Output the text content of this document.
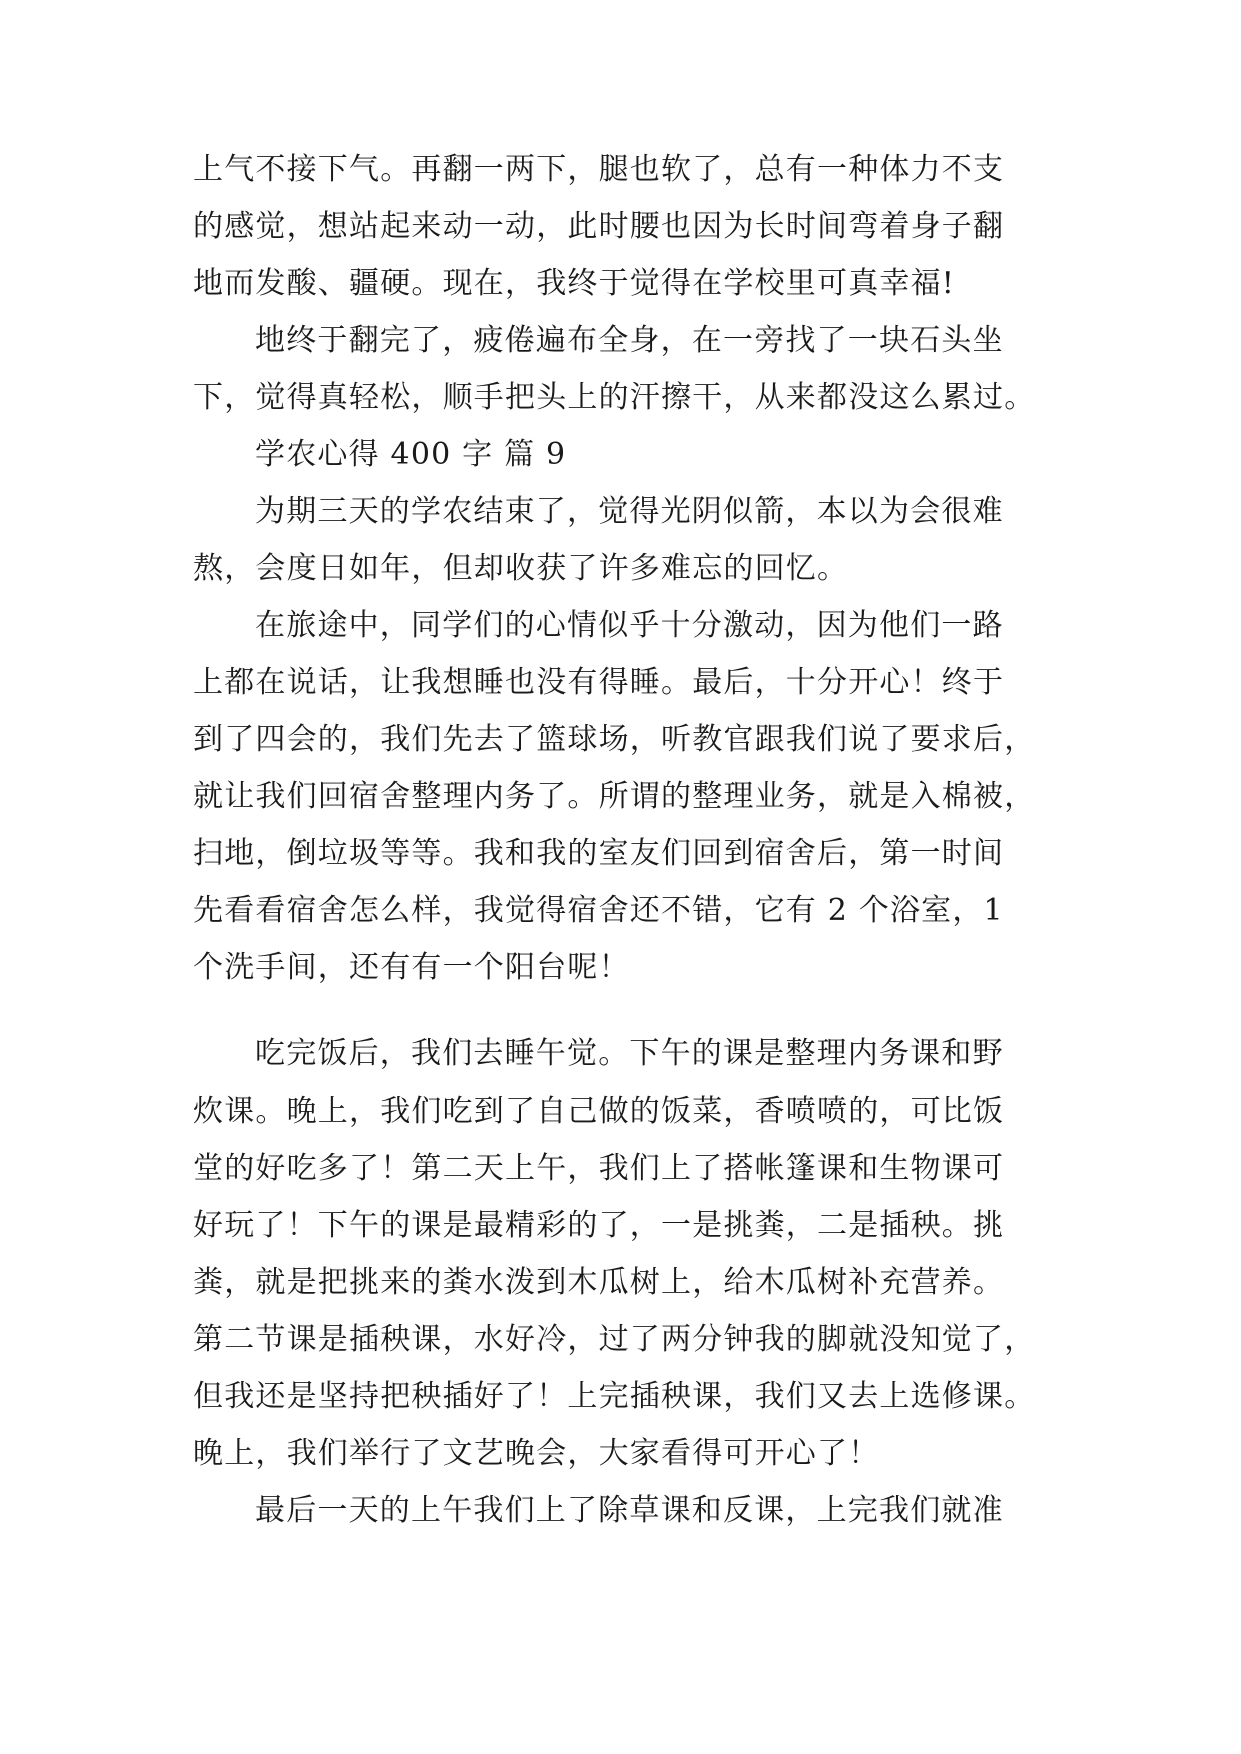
上气不接下气。再翻一两下，腿也软了，总有一种体力不支
的感觉，想站起来动一动，此时腰也因为长时间弯着身子翻
地而发酸、疆硬。现在，我终于觉得在学校里可真幸福!
地终于翻完了，疲倦遍布全身，在一旁找了一块石头坐
下，觉得真轻松，顺手把头上的汗擦干，从来都没这么累过。
学农心得 400 字 篇 9
为期三天的学农结束了，觉得光阴似箭，本以为会很难
熬，会度日如年，但却收获了许多难忘的回忆。
在旅途中，同学们的心情似乎十分激动，因为他们一路
上都在说话，让我想睡也没有得睡。最后，十分开心！终于
到了四会的，我们先去了篮球场，听教官跟我们说了要求后，
就让我们回宿舍整理内务了。所谓的整理业务，就是入棉被，
扫地，倒垃圾等等。我和我的室友们回到宿舍后，第一时间
先看看宿舍怎么样，我觉得宿舍还不错，它有 2 个浴室，1
个洗手间，还有有一个阳台呢！
吃完饭后，我们去睡午觉。下午的课是整理内务课和野
炊课。晚上，我们吃到了自己做的饭菜，香喷喷的，可比饭
堂的好吃多了！第二天上午，我们上了搭帐篷课和生物课可
好玩了！下午的课是最精彩的了，一是挑粪，二是插秧。挑
粪，就是把挑来的粪水泼到木瓜树上，给木瓜树补充营养。
第二节课是插秧课，水好冷，过了两分钟我的脚就没知觉了，
但我还是坚持把秧插好了！上完插秧课，我们又去上选修课。
晚上，我们举行了文艺晚会，大家看得可开心了！
最后一天的上午我们上了除草课和反课，上完我们就准
